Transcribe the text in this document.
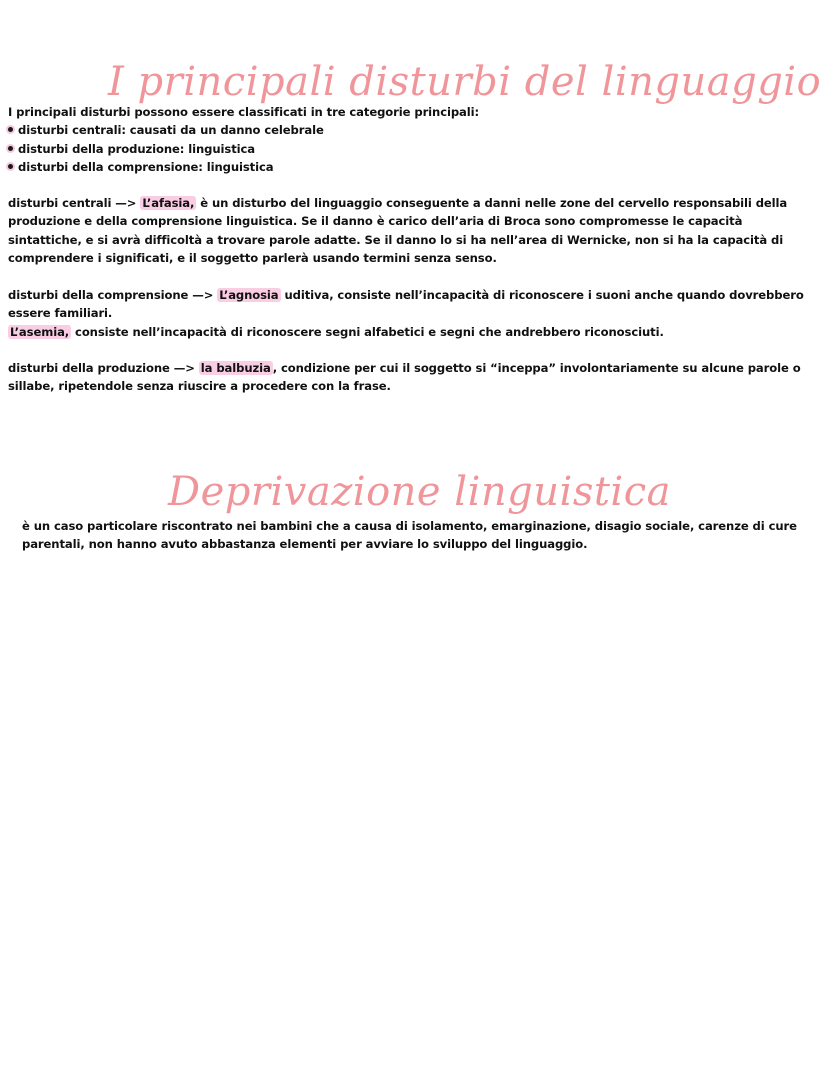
I principali disturbi del linguaggio

I principali disturbi possono essere classificati in tre categorie principali:

disturbi centrali: causati da un danno celebrale
disturbi della produzione: linguistica
disturbi della comprensione: linguistica

disturbi centrali —> L’afasia, è un disturbo del linguaggio conseguente a danni nelle zone del cervello responsabili della produzione e della comprensione linguistica. Se il danno è carico dell’aria di Broca sono compromesse le capacità sintattiche, e si avrà difficoltà a trovare parole adatte. Se il danno lo si ha nell’area di Wernicke, non si ha la capacità di comprendere i significati, e il soggetto parlerà usando termini senza senso.

disturbi della comprensione —> L’agnosia uditiva, consiste nell’incapacità di riconoscere i suoni anche quando dovrebbero essere familiari.

L’asemia, consiste nell’incapacità di riconoscere segni alfabetici e segni che andrebbero riconosciuti.

disturbi della produzione —> la balbuzia , condizione per cui il soggetto si “inceppa” involontariamente su alcune parole o sillabe, ripetendole senza riuscire a procedere con la frase.

Deprivazione linguistica

è un caso particolare riscontrato nei bambini che a causa di isolamento, emarginazione, disagio sociale, carenze di cure parentali, non hanno avuto abbastanza elementi per avviare lo sviluppo del linguaggio.
